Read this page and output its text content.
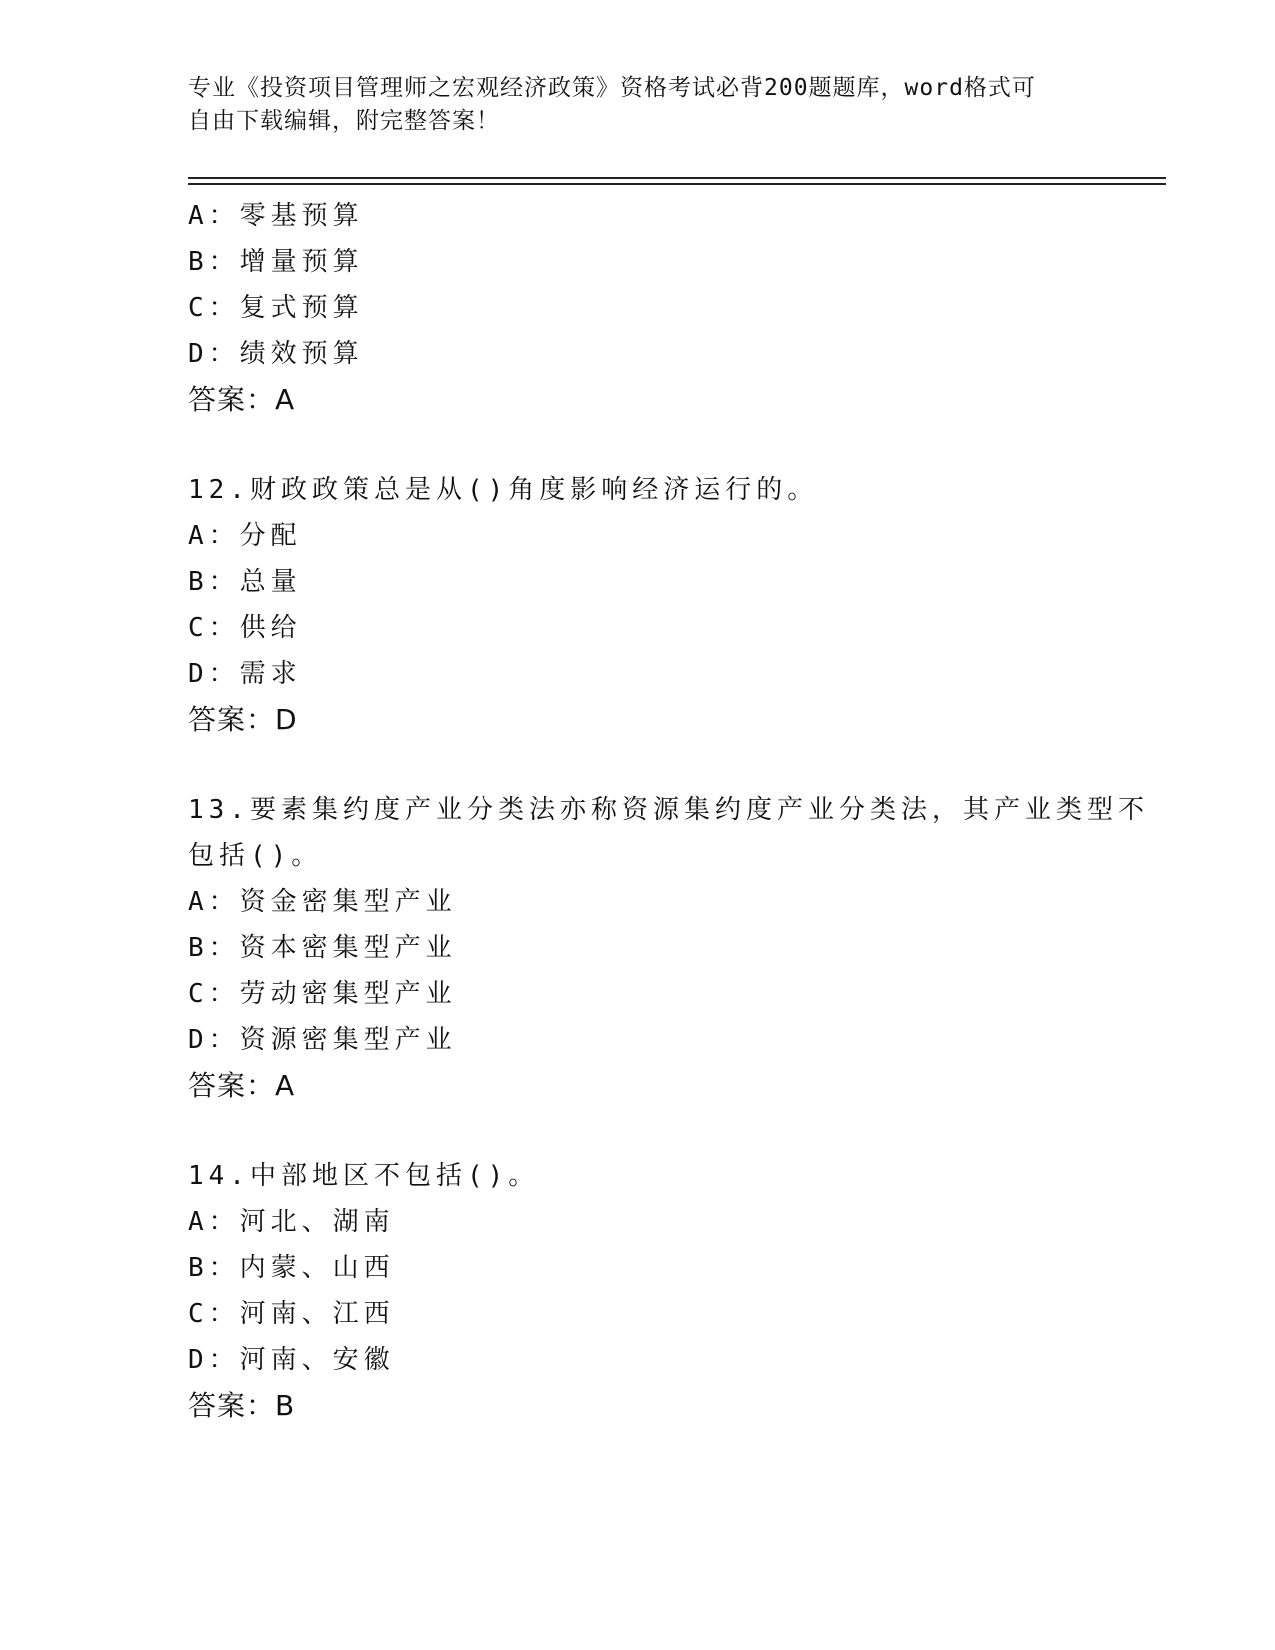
专业《投资项目管理师之宏观经济政策》资格考试必背200题题库，word格式可
自由下载编辑，附完整答案！
A：零基预算
B：增量预算
C：复式预算
D：绩效预算
答案：A
12.财政政策总是从()角度影响经济运行的。
A：分配
B：总量
C：供给
D：需求
答案：D
13.要素集约度产业分类法亦称资源集约度产业分类法，其产业类型不
包括()。
A：资金密集型产业
B：资本密集型产业
C：劳动密集型产业
D：资源密集型产业
答案：A
14.中部地区不包括()。
A：河北、湖南
B：内蒙、山西
C：河南、江西
D：河南、安徽
答案：B
